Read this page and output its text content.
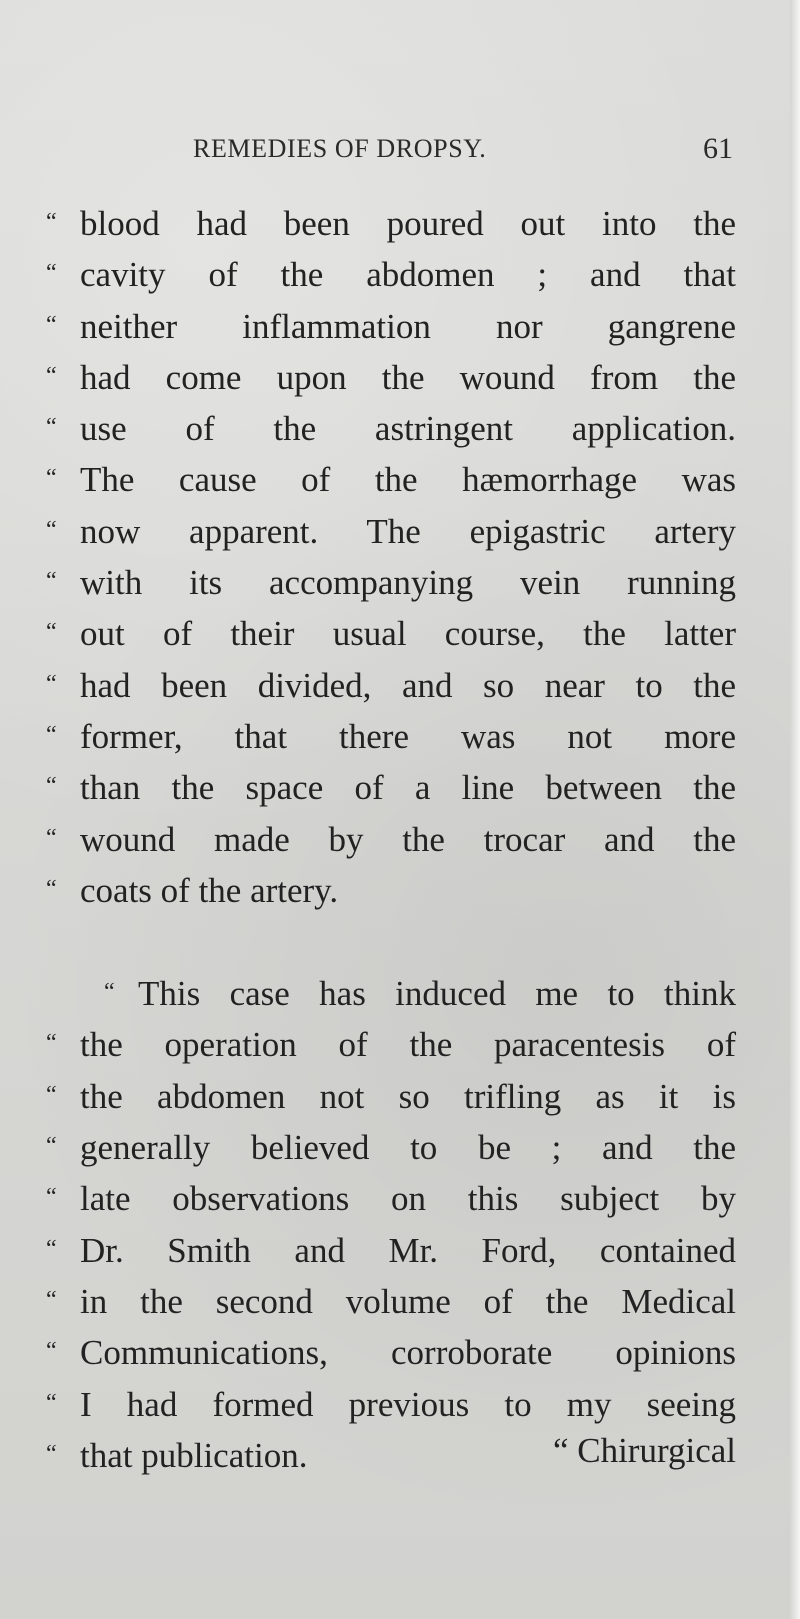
REMEDIES OF DROPSY.	61
“ blood had been poured out into the
“ cavity of the abdomen ; and that
“ neither inflammation nor gangrene
“ had come upon the wound from the
“ use of the astringent application.
“ The cause of the hæmorrhage was
“ now apparent. The epigastric artery
“ with its accompanying vein running
“ out of their usual course, the latter
“ had been divided, and so near to the
“ former, that there was not more
“ than the space of a line between the
“ wound made by the trocar and the
“ coats of the artery.
“ This case has induced me to think
“ the operation of the paracentesis of
“ the abdomen not so trifling as it is
“ generally believed to be ; and the
“ late observations on this subject by
“ Dr. Smith and Mr. Ford, contained
“ in the second volume of the Medical
“ Communications, corroborate opinions
“ I had formed previous to my seeing
“ that publication.	“ Chirurgical
